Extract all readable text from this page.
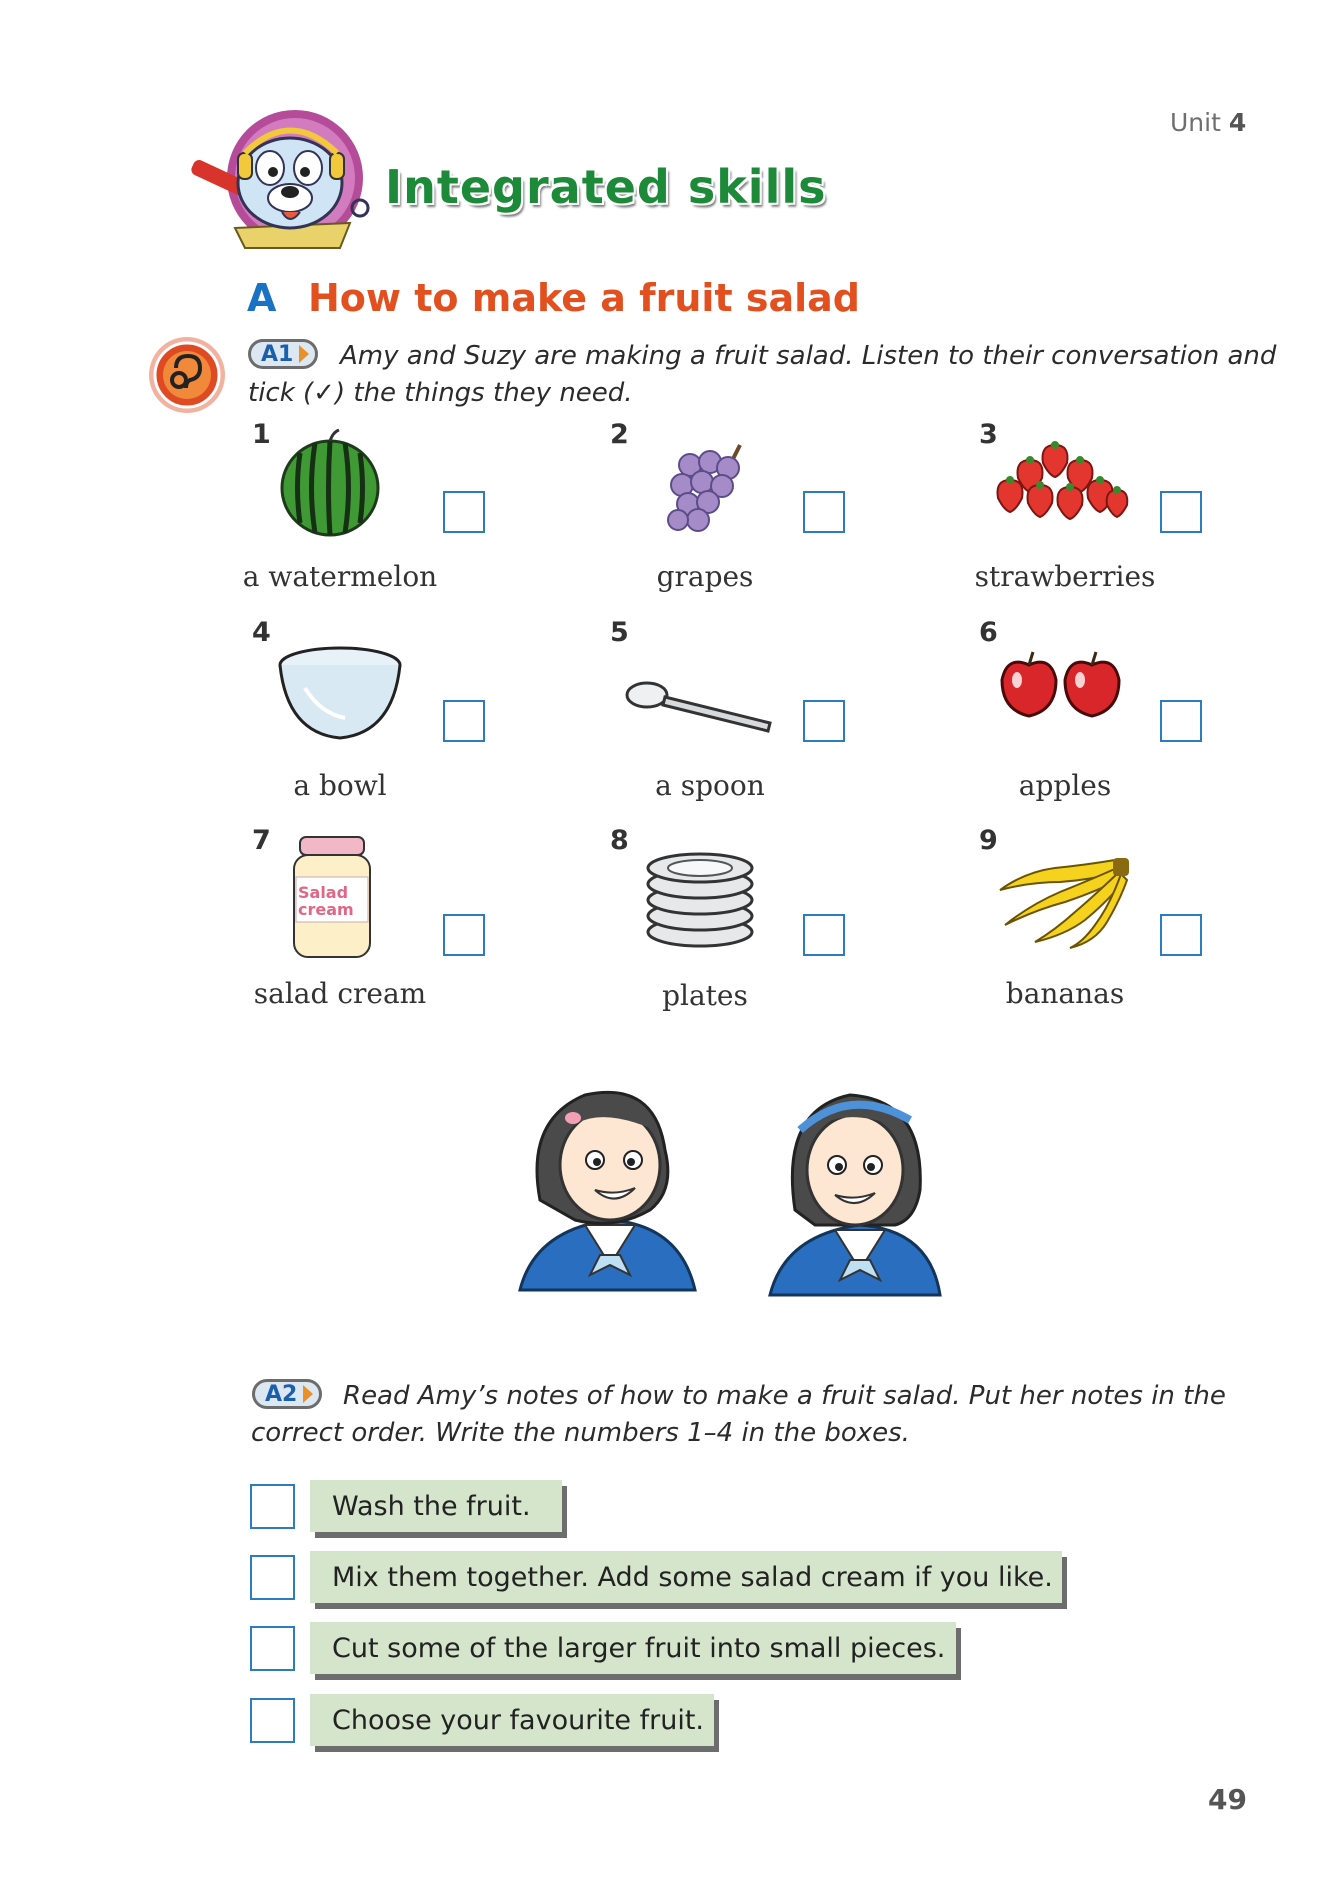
Unit 4
Integrated skills
A How to make a fruit salad
A1 Amy and Suzy are making a fruit salad. Listen to their conversation and
tick (✓) the things they need.
1
a watermelon
2
grapes
3
strawberries
4
a bowl
5
a spoon
6
apples
7
Salad cream
salad cream
8
plates
9
bananas
A2 Read Amy’s notes of how to make a fruit salad. Put her notes in the
correct order. Write the numbers 1–4 in the boxes.
Wash the fruit.
Mix them together. Add some salad cream if you like.
Cut some of the larger fruit into small pieces.
Choose your favourite fruit.
49
